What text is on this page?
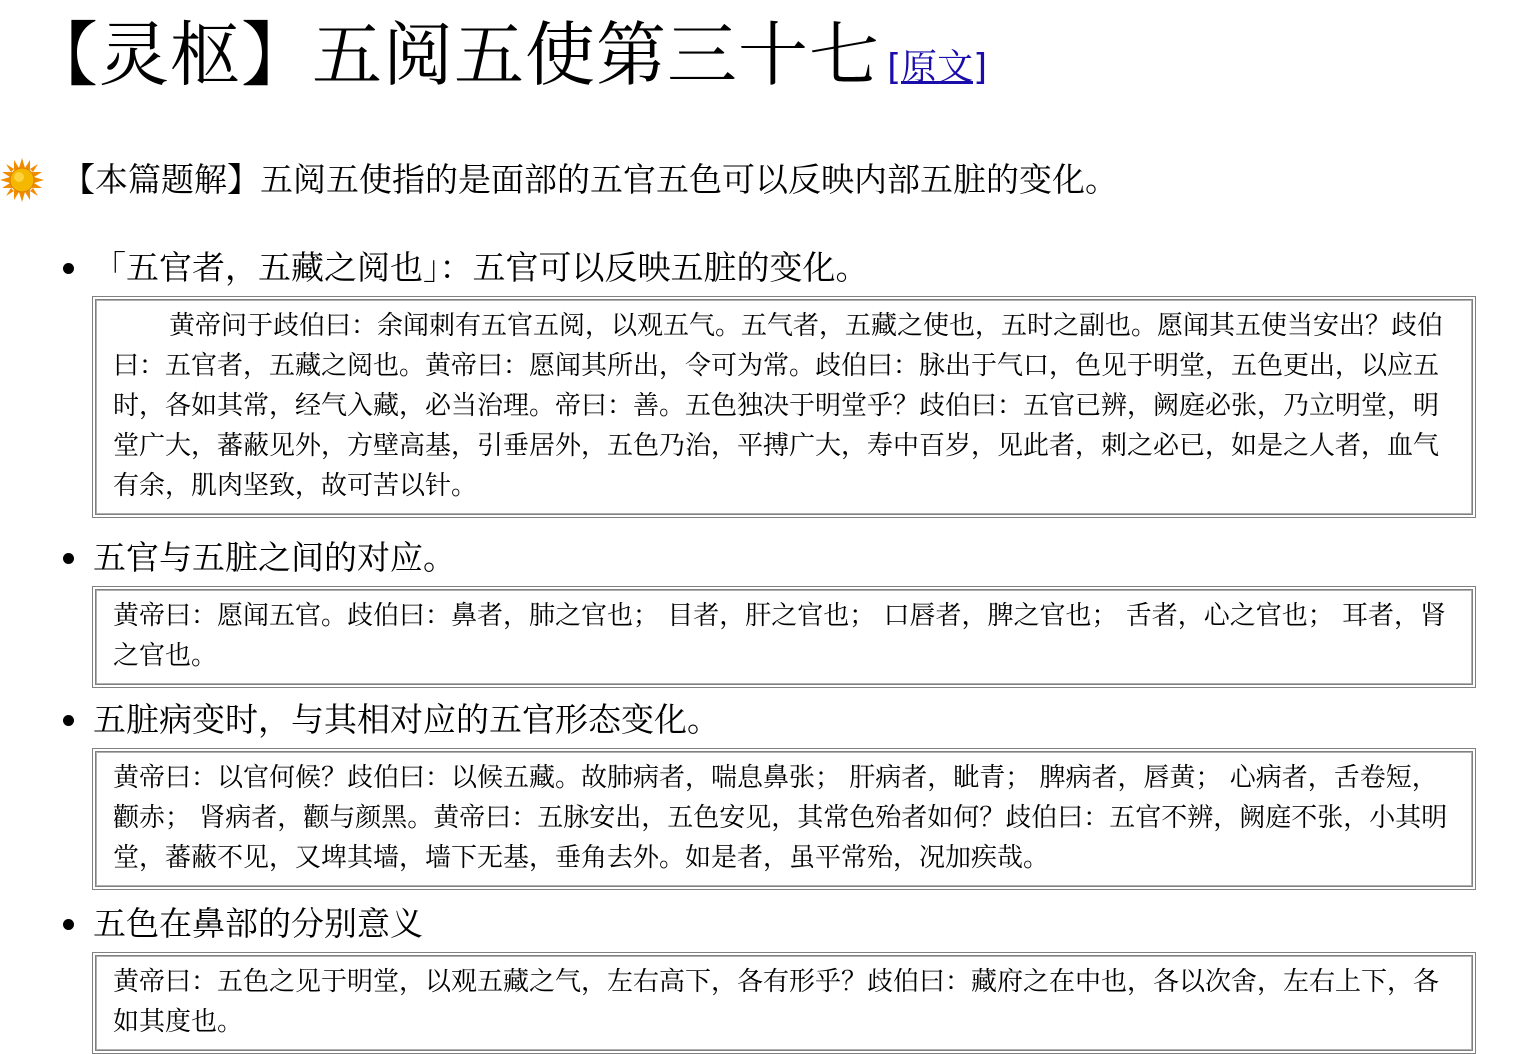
【灵枢】五阅五使第三十七 [原文]
【本篇题解】五阅五使指的是面部的五官五色可以反映内部五脏的变化。
「五官者，五藏之阅也」：五官可以反映五脏的变化。
黄帝问于歧伯曰：余闻刺有五官五阅，以观五气。五气者，五藏之使也，五时之副也。愿闻其五使当安出？歧伯曰：五官者，五藏之阅也。黄帝曰：愿闻其所出，令可为常。歧伯曰：脉出于气口，色见于明堂，五色更出，以应五时，各如其常，经气入藏，必当治理。帝曰：善。五色独决于明堂乎？歧伯曰：五官已辨，阙庭必张，乃立明堂，明堂广大，蕃蔽见外，方壁高基，引垂居外，五色乃治，平搏广大，寿中百岁，见此者，刺之必已，如是之人者，血气有余，肌肉坚致，故可苦以针。
五官与五脏之间的对应。
黄帝曰：愿闻五官。歧伯曰：鼻者，肺之官也； 目者，肝之官也； 口唇者，脾之官也； 舌者，心之官也； 耳者，肾之官也。
五脏病变时，与其相对应的五官形态变化。
黄帝曰：以官何候？歧伯曰：以候五藏。故肺病者，喘息鼻张； 肝病者，眦青； 脾病者，唇黄； 心病者，舌卷短，颧赤； 肾病者，颧与颜黑。黄帝曰：五脉安出，五色安见，其常色殆者如何？歧伯曰：五官不辨，阙庭不张，小其明堂，蕃蔽不见，又埤其墙，墙下无基，垂角去外。如是者，虽平常殆，况加疾哉。
五色在鼻部的分别意义
黄帝曰：五色之见于明堂，以观五藏之气，左右高下，各有形乎？歧伯曰：藏府之在中也，各以次舍，左右上下，各如其度也。
